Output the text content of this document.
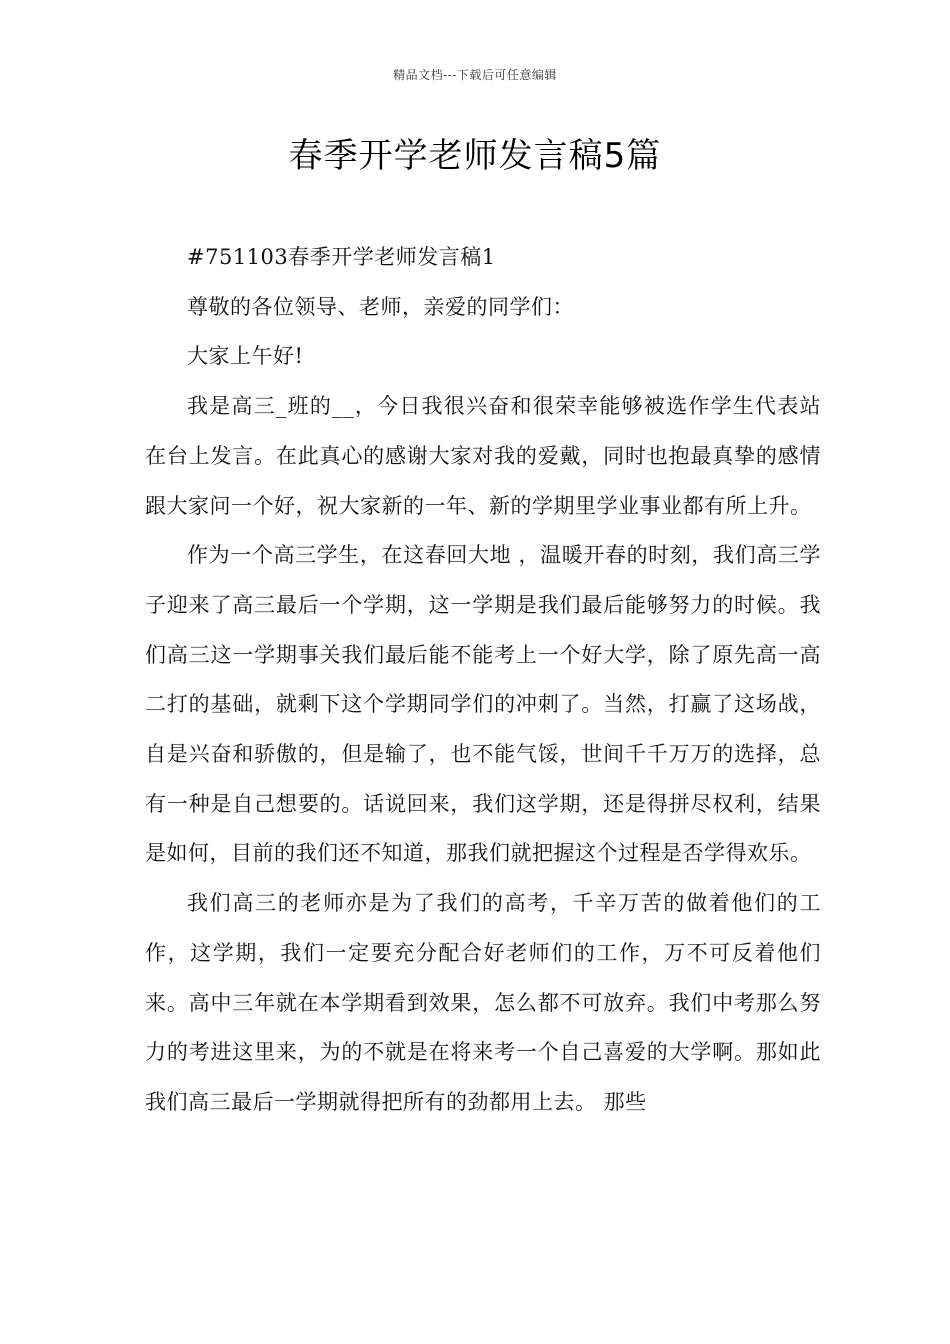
精品文档---下载后可任意编辑
春季开学老师发言稿5篇

#751103春季开学老师发言稿1

尊敬的各位领导、老师，亲爱的同学们：

大家上午好!

我是高三_班的__，今日我很兴奋和很荣幸能够被选作学生代表站在台上发言。在此真心的感谢大家对我的爱戴，同时也抱最真挚的感情跟大家问一个好，祝大家新的一年、新的学期里学业事业都有所上升。

作为一个高三学生，在这春回大地 ，温暖开春的时刻，我们高三学子迎来了高三最后一个学期，这一学期是我们最后能够努力的时候。我们高三这一学期事关我们最后能不能考上一个好大学，除了原先高一高二打的基础，就剩下这个学期同学们的冲刺了。当然，打赢了这场战，自是兴奋和骄傲的，但是输了，也不能气馁，世间千千万万的选择，总有一种是自己想要的。话说回来，我们这学期，还是得拼尽权利，结果是如何，目前的我们还不知道，那我们就把握这个过程是否学得欢乐。

我们高三的老师亦是为了我们的高考，千辛万苦的做着他们的工作，这学期，我们一定要充分配合好老师们的工作，万不可反着他们来。高中三年就在本学期看到效果，怎么都不可放弃。我们中考那么努力的考进这里来，为的不就是在将来考一个自己喜爱的大学啊。那如此我们高三最后一学期就得把所有的劲都用上去。 那些
